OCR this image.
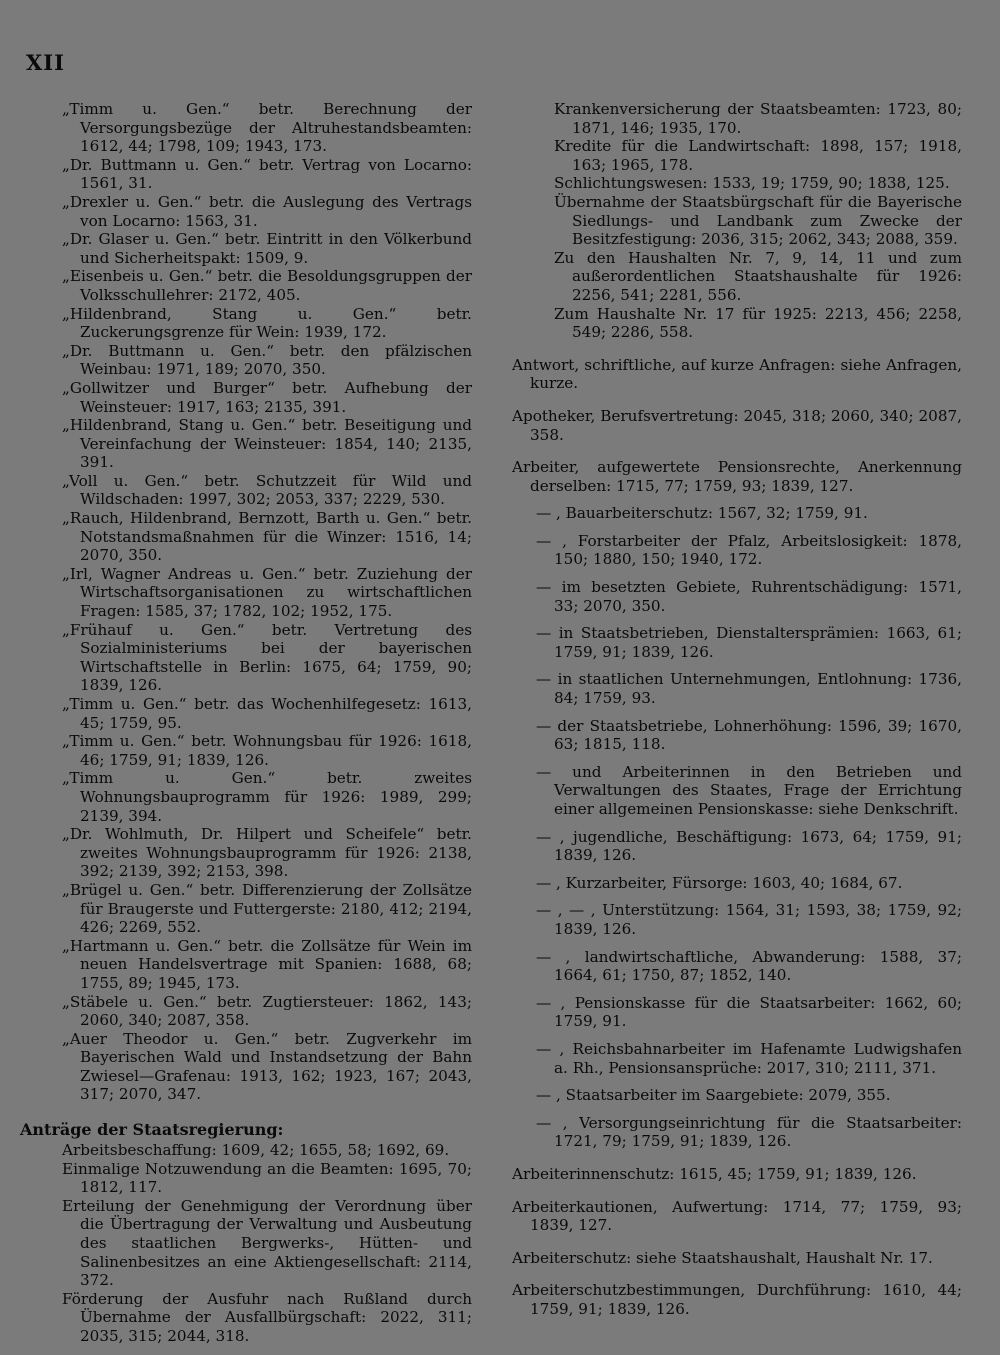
XII
„Timm u. Gen.“ betr. Berechnung der Versorgungsbezüge der Altruhestandsbeamten: 1612, 44; 1798, 109; 1943, 173.
„Dr. Buttmann u. Gen.“ betr. Vertrag von Locarno: 1561, 31.
„Drexler u. Gen.“ betr. die Auslegung des Vertrags von Locarno: 1563, 31.
„Dr. Glaser u. Gen.“ betr. Eintritt in den Völkerbund und Sicherheitspakt: 1509, 9.
„Eisenbeis u. Gen.“ betr. die Besoldungsgruppen der Volksschullehrer: 2172, 405.
„Hildenbrand, Stang u. Gen.“ betr. Zuckerungsgrenze für Wein: 1939, 172.
„Dr. Buttmann u. Gen.“ betr. den pfälzischen Weinbau: 1971, 189; 2070, 350.
„Gollwitzer und Burger“ betr. Aufhebung der Weinsteuer: 1917, 163; 2135, 391.
„Hildenbrand, Stang u. Gen.“ betr. Beseitigung und Vereinfachung der Weinsteuer: 1854, 140; 2135, 391.
„Voll u. Gen.“ betr. Schutzzeit für Wild und Wildschaden: 1997, 302; 2053, 337; 2229, 530.
„Rauch, Hildenbrand, Bernzott, Barth u. Gen.“ betr. Notstandsmaßnahmen für die Winzer: 1516, 14; 2070, 350.
„Irl, Wagner Andreas u. Gen.“ betr. Zuziehung der Wirtschaftsorganisationen zu wirtschaftlichen Fragen: 1585, 37; 1782, 102; 1952, 175.
„Frühauf u. Gen.“ betr. Vertretung des Sozialministeriums bei der bayerischen Wirtschaftstelle in Berlin: 1675, 64; 1759, 90; 1839, 126.
„Timm u. Gen.“ betr. das Wochenhilfegesetz: 1613, 45; 1759, 95.
„Timm u. Gen.“ betr. Wohnungsbau für 1926: 1618, 46; 1759, 91; 1839, 126.
„Timm u. Gen.“ betr. zweites Wohnungsbauprogramm für 1926: 1989, 299; 2139, 394.
„Dr. Wohlmuth, Dr. Hilpert und Scheifele“ betr. zweites Wohnungsbauprogramm für 1926: 2138, 392; 2139, 392; 2153, 398.
„Brügel u. Gen.“ betr. Differenzierung der Zollsätze für Braugerste und Futtergerste: 2180, 412; 2194, 426; 2269, 552.
„Hartmann u. Gen.“ betr. die Zollsätze für Wein im neuen Handelsvertrage mit Spanien: 1688, 68; 1755, 89; 1945, 173.
„Stäbele u. Gen.“ betr. Zugtiersteuer: 1862, 143; 2060, 340; 2087, 358.
„Auer Theodor u. Gen.“ betr. Zugverkehr im Bayerischen Wald und Instandsetzung der Bahn Zwiesel—Grafenau: 1913, 162; 1923, 167; 2043, 317; 2070, 347.
Anträge der Staatsregierung:
Arbeitsbeschaffung: 1609, 42; 1655, 58; 1692, 69.
Einmalige Notzuwendung an die Beamten: 1695, 70; 1812, 117.
Erteilung der Genehmigung der Verordnung über die Übertragung der Verwaltung und Ausbeutung des staatlichen Bergwerks-, Hütten- und Salinenbesitzes an eine Aktiengesellschaft: 2114, 372.
Förderung der Ausfuhr nach Rußland durch Übernahme der Ausfallbürgschaft: 2022, 311; 2035, 315; 2044, 318.
Krankenversicherung der Staatsbeamten: 1723, 80; 1871, 146; 1935, 170.
Kredite für die Landwirtschaft: 1898, 157; 1918, 163; 1965, 178.
Schlichtungswesen: 1533, 19; 1759, 90; 1838, 125.
Übernahme der Staatsbürgschaft für die Bayerische Siedlungs- und Landbank zum Zwecke der Besitzfestigung: 2036, 315; 2062, 343; 2088, 359.
Zu den Haushalten Nr. 7, 9, 14, 11 und zum außerordentlichen Staatshaushalte für 1926: 2256, 541; 2281, 556.
Zum Haushalte Nr. 17 für 1925: 2213, 456; 2258, 549; 2286, 558.
Antwort, schriftliche, auf kurze Anfragen: siehe Anfragen, kurze.
Apotheker, Berufsvertretung: 2045, 318; 2060, 340; 2087, 358.
Arbeiter, aufgewertete Pensionsrechte, Anerkennung derselben: 1715, 77; 1759, 93; 1839, 127.
— , Bauarbeiterschutz: 1567, 32; 1759, 91.
— , Forstarbeiter der Pfalz, Arbeitslosigkeit: 1878, 150; 1880, 150; 1940, 172.
— im besetzten Gebiete, Ruhrentschädigung: 1571, 33; 2070, 350.
— in Staatsbetrieben, Dienstaltersprämien: 1663, 61; 1759, 91; 1839, 126.
— in staatlichen Unternehmungen, Entlohnung: 1736, 84; 1759, 93.
— der Staatsbetriebe, Lohnerhöhung: 1596, 39; 1670, 63; 1815, 118.
— und Arbeiterinnen in den Betrieben und Verwaltungen des Staates, Frage der Errichtung einer allgemeinen Pensionskasse: siehe Denkschrift.
— , jugendliche, Beschäftigung: 1673, 64; 1759, 91; 1839, 126.
— , Kurzarbeiter, Fürsorge: 1603, 40; 1684, 67.
— , — , Unterstützung: 1564, 31; 1593, 38; 1759, 92; 1839, 126.
— , landwirtschaftliche, Abwanderung: 1588, 37; 1664, 61; 1750, 87; 1852, 140.
— , Pensionskasse für die Staatsarbeiter: 1662, 60; 1759, 91.
— , Reichsbahnarbeiter im Hafenamte Ludwigshafen a. Rh., Pensionsansprüche: 2017, 310; 2111, 371.
— , Staatsarbeiter im Saargebiete: 2079, 355.
— , Versorgungseinrichtung für die Staatsarbeiter: 1721, 79; 1759, 91; 1839, 126.
Arbeiterinnenschutz: 1615, 45; 1759, 91; 1839, 126.
Arbeiterkautionen, Aufwertung: 1714, 77; 1759, 93; 1839, 127.
Arbeiterschutz: siehe Staatshaushalt, Haushalt Nr. 17.
Arbeiterschutzbestimmungen, Durchführung: 1610, 44; 1759, 91; 1839, 126.
